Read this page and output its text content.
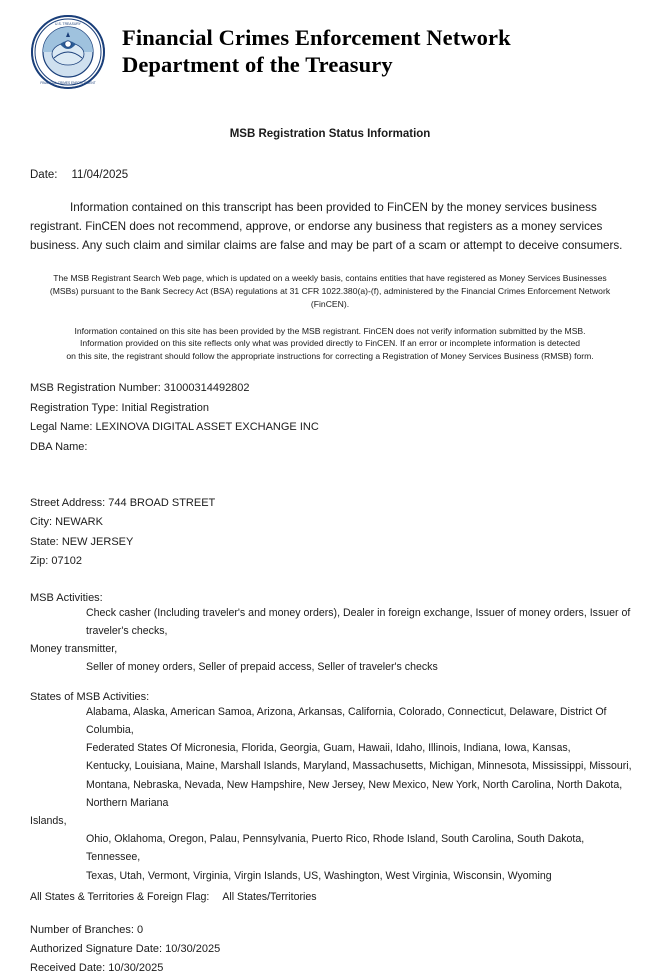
U.S. TREASURY
FINANCIAL CRIMES ENFORCEMENT
Financial Crimes Enforcement Network
Department of the Treasury
MSB Registration Status Information
Date: 11/04/2025
Information contained on this transcript has been provided to FinCEN by the money services business registrant. FinCEN does not recommend, approve, or endorse any business that registers as a money services business. Any such claim and similar claims are false and may be part of a scam or attempt to deceive consumers.
The MSB Registrant Search Web page, which is updated on a weekly basis, contains entities that have registered as Money Services Businesses (MSBs) pursuant to the Bank Secrecy Act (BSA) regulations at 31 CFR 1022.380(a)-(f), administered by the Financial Crimes Enforcement Network (FinCEN).
Information contained on this site has been provided by the MSB registrant. FinCEN does not verify information submitted by the MSB.
Information provided on this site reflects only what was provided directly to FinCEN. If an error or incomplete information is detected
on this site, the registrant should follow the appropriate instructions for correcting a Registration of Money Services Business (RMSB) form.
MSB Registration Number: 31000314492802
Registration Type: Initial Registration
Legal Name: LEXINOVA DIGITAL ASSET EXCHANGE INC
DBA Name:
Street Address: 744 BROAD STREET
City: NEWARK
State: NEW JERSEY
Zip: 07102
MSB Activities:
Check casher (Including traveler's and money orders), Dealer in foreign exchange, Issuer of money orders, Issuer of traveler's checks,
Money transmitter,
Seller of money orders, Seller of prepaid access, Seller of traveler's checks
States of MSB Activities:
Alabama, Alaska, American Samoa, Arizona, Arkansas, California, Colorado, Connecticut, Delaware, District Of Columbia,
Federated States Of Micronesia, Florida, Georgia, Guam, Hawaii, Idaho, Illinois, Indiana, Iowa, Kansas,
Kentucky, Louisiana, Maine, Marshall Islands, Maryland, Massachusetts, Michigan, Minnesota, Mississippi, Missouri,
Montana, Nebraska, Nevada, New Hampshire, New Jersey, New Mexico, New York, North Carolina, North Dakota, Northern Mariana
Islands,
Ohio, Oklahoma, Oregon, Palau, Pennsylvania, Puerto Rico, Rhode Island, South Carolina, South Dakota, Tennessee,
Texas, Utah, Vermont, Virginia, Virgin Islands, US, Washington, West Virginia, Wisconsin, Wyoming
All States & Territories & Foreign Flag: All States/Territories
Number of Branches: 0
Authorized Signature Date: 10/30/2025
Received Date: 10/30/2025
